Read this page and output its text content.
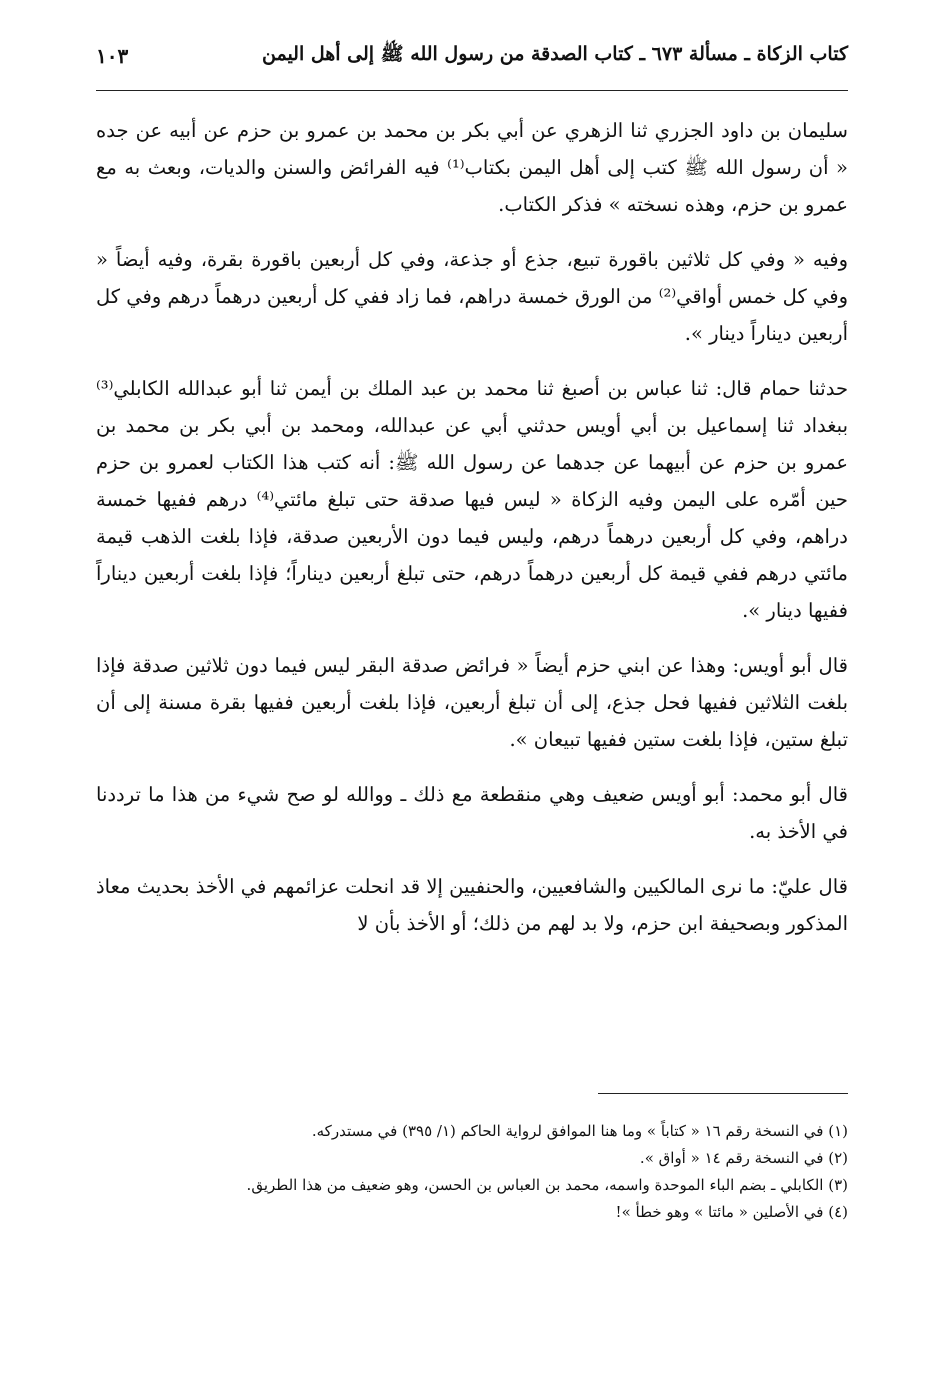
كتاب الزكاة ـ مسألة ٦٧٣ ـ كتاب الصدقة من رسول الله ﷺ إلى أهل اليمن
١٠٣

سليمان بن داود الجزري ثنا الزهري عن أبي بكر بن محمد بن عمرو بن حزم عن أبيه عن جده « أن رسول الله ﷺ كتب إلى أهل اليمن بكتاب⁽¹⁾ فيه الفرائض والسنن والديات، وبعث به مع عمرو بن حزم، وهذه نسخته » فذكر الكتاب.

وفيه « وفي كل ثلاثين باقورة تبيع، جذع أو جذعة، وفي كل أربعين باقورة بقرة، وفيه أيضاً « وفي كل خمس أواقي⁽²⁾ من الورق خمسة دراهم، فما زاد ففي كل أربعين درهماً درهم وفي كل أربعين ديناراً دينار ».

حدثنا حمام قال: ثنا عباس بن أصبغ ثنا محمد بن عبد الملك بن أيمن ثنا أبو عبدالله الكابلي⁽³⁾ ببغداد ثنا إسماعيل بن أبي أويس حدثني أبي عن عبدالله، ومحمد بن أبي بكر بن محمد بن عمرو بن حزم عن أبيهما عن جدهما عن رسول الله ﷺ: أنه كتب هذا الكتاب لعمرو بن حزم حين أمّره على اليمن وفيه الزكاة « ليس فيها صدقة حتى تبلغ مائتي⁽⁴⁾ درهم ففيها خمسة دراهم، وفي كل أربعين درهماً درهم، وليس فيما دون الأربعين صدقة، فإذا بلغت الذهب قيمة مائتي درهم ففي قيمة كل أربعين درهماً درهم، حتى تبلغ أربعين ديناراً؛ فإذا بلغت أربعين ديناراً ففيها دينار ».

قال أبو أويس: وهذا عن ابني حزم أيضاً « فرائض صدقة البقر ليس فيما دون ثلاثين صدقة فإذا بلغت الثلاثين ففيها فحل جذع، إلى أن تبلغ أربعين، فإذا بلغت أربعين ففيها بقرة مسنة إلى أن تبلغ ستين، فإذا بلغت ستين ففيها تبيعان ».

قال أبو محمد: أبو أويس ضعيف وهي منقطعة مع ذلك ـ ووالله لو صح شيء من هذا ما ترددنا في الأخذ به.

قال عليّ: ما نرى المالكيين والشافعيين، والحنفيين إلا قد انحلت عزائمهم في الأخذ بحديث معاذ المذكور وبصحيفة ابن حزم، ولا بد لهم من ذلك؛ أو الأخذ بأن لا

(١) في النسخة رقم ١٦ « كتاباً » وما هنا الموافق لرواية الحاكم (١/ ٣٩٥) في مستدركه.

(٢) في النسخة رقم ١٤ « أواق ».

(٣) الكابلي ـ بضم الباء الموحدة واسمه، محمد بن العباس بن الحسن، وهو ضعيف من هذا الطريق.

(٤) في الأصلين « مائتا » وهو خطأ »!
